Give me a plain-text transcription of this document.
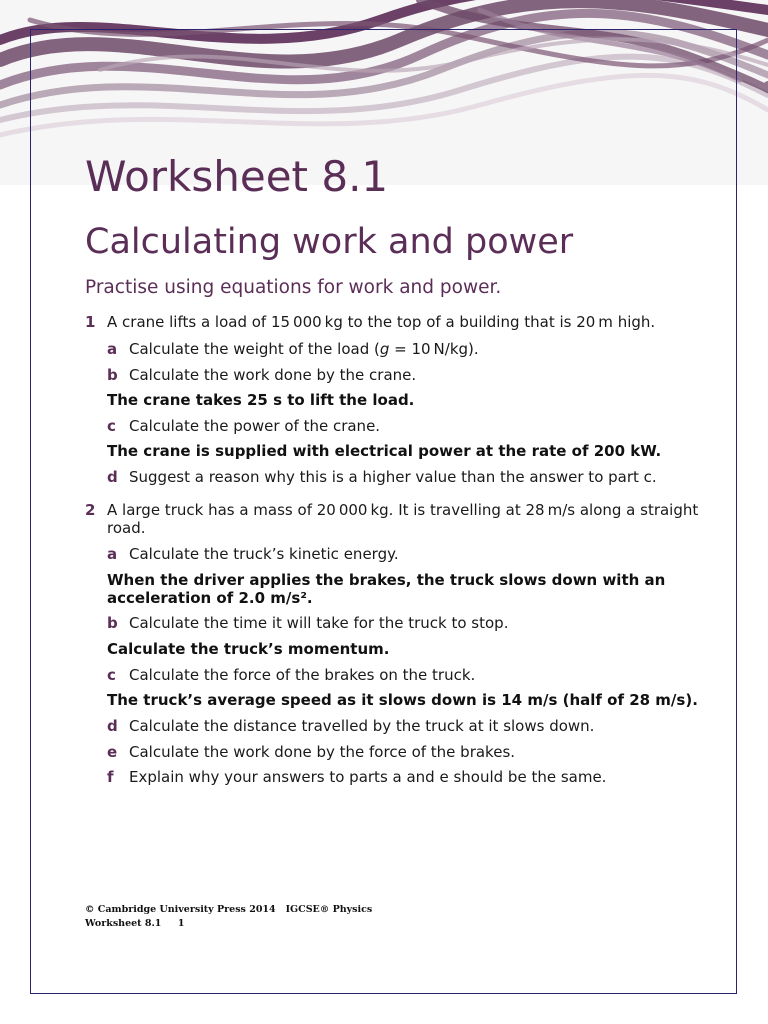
Worksheet 8.1
Calculating work and power

Practise using equations for work and power.

1 A crane lifts a load of 15 000 kg to the top of a building that is 20 m high.
a Calculate the weight of the load (g = 10 N/kg).
b Calculate the work done by the crane.
The crane takes 25 s to lift the load.
c Calculate the power of the crane.
The crane is supplied with electrical power at the rate of 200 kW.
d Suggest a reason why this is a higher value than the answer to part c.
2 A large truck has a mass of 20 000 kg. It is travelling at 28 m/s along a straight road.
a Calculate the truck’s kinetic energy.
When the driver applies the brakes, the truck slows down with an acceleration of 2.0 m/s².
b Calculate the time it will take for the truck to stop.
Calculate the truck’s momentum.
c Calculate the force of the brakes on the truck.
The truck’s average speed as it slows down is 14 m/s (half of 28 m/s).
d Calculate the distance travelled by the truck at it slows down.
e Calculate the work done by the force of the brakes.
f Explain why your answers to parts a and e should be the same.
© Cambridge University Press 2014   IGCSE® Physics
Worksheet 8.1     1
